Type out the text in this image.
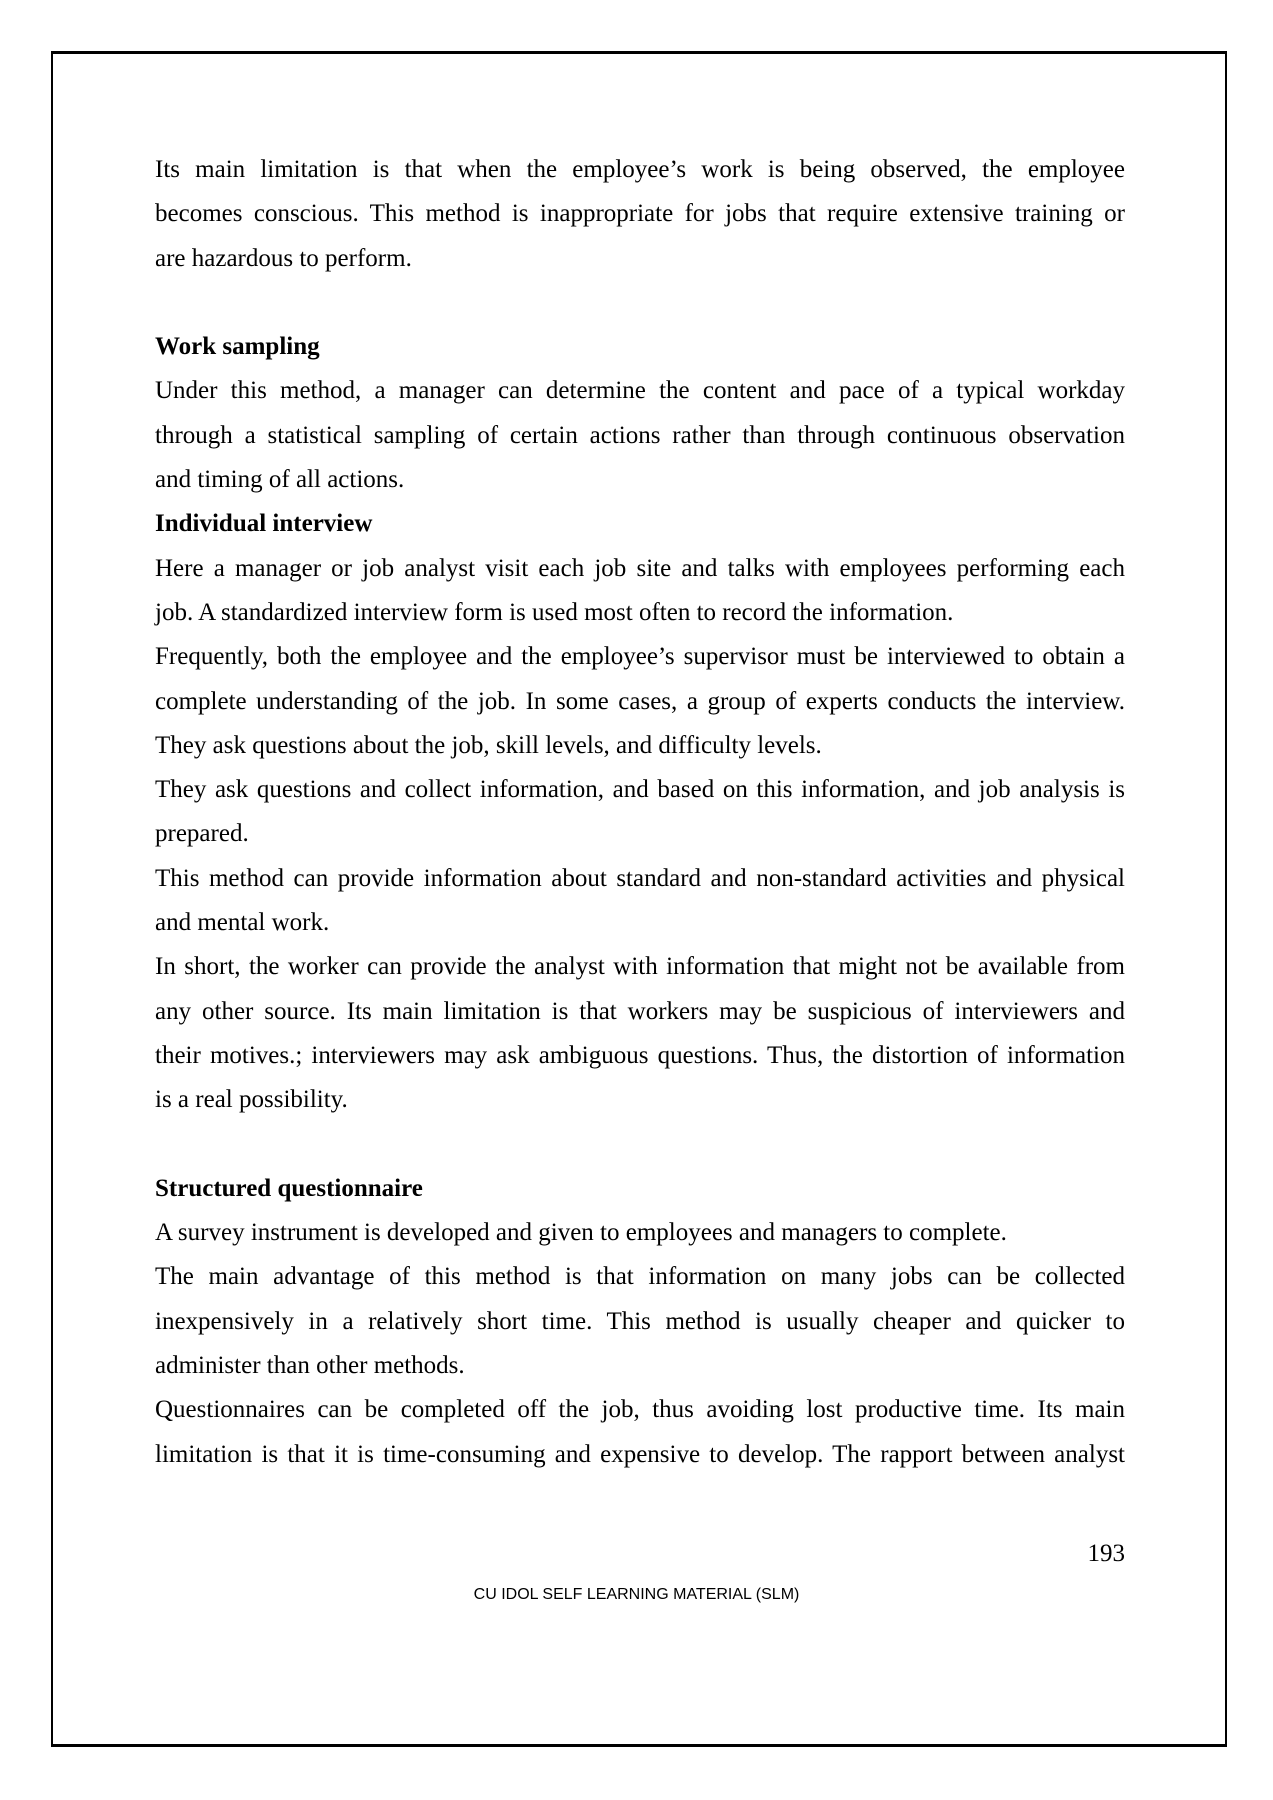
Its main limitation is that when the employee’s work is being observed, the employee
becomes conscious. This method is inappropriate for jobs that require extensive training or
are hazardous to perform.
Work sampling
Under this method, a manager can determine the content and pace of a typical workday
through a statistical sampling of certain actions rather than through continuous observation
and timing of all actions.
Individual interview
Here a manager or job analyst visit each job site and talks with employees performing each
job. A standardized interview form is used most often to record the information.
Frequently, both the employee and the employee’s supervisor must be interviewed to obtain a
complete understanding of the job. In some cases, a group of experts conducts the interview.
They ask questions about the job, skill levels, and difficulty levels.
They ask questions and collect information, and based on this information, and job analysis is
prepared.
This method can provide information about standard and non-standard activities and physical
and mental work.
In short, the worker can provide the analyst with information that might not be available from
any other source. Its main limitation is that workers may be suspicious of interviewers and
their motives.; interviewers may ask ambiguous questions. Thus, the distortion of information
is a real possibility.
Structured questionnaire
A survey instrument is developed and given to employees and managers to complete.
The main advantage of this method is that information on many jobs can be collected
inexpensively in a relatively short time. This method is usually cheaper and quicker to
administer than other methods.
Questionnaires can be completed off the job, thus avoiding lost productive time. Its main
limitation is that it is time-consuming and expensive to develop. The rapport between analyst
193
CU IDOL SELF LEARNING MATERIAL (SLM)
